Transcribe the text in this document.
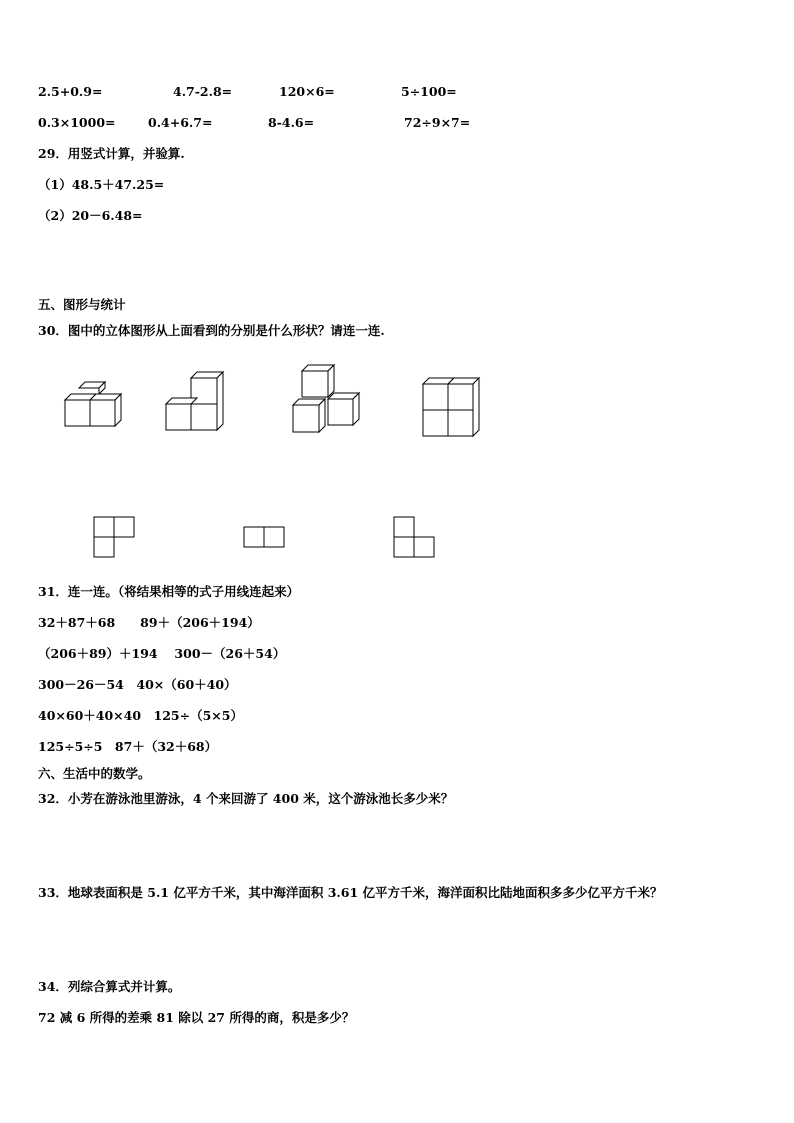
2.5+0.9=	4.7-2.8=	120×6=	5÷100=
0.3×1000=	0.4+6.7=	8-4.6=	72÷9×7=
29．用竖式计算，并验算.
（1）48.5＋47.25=
（2）20－6.48=
五、图形与统计
30．图中的立体图形从上面看到的分别是什么形状？请连一连.
31．连一连。（将结果相等的式子用线连起来）
32＋87＋68　　89＋（206＋194）
（206＋89）＋194　 300－（26＋54）
300－26－54　40×（60＋40）
40×60＋40×40　125÷（5×5）
125÷5÷5　87＋（32＋68）
六、生活中的数学。
32．小芳在游泳池里游泳，4 个来回游了 400 米，这个游泳池长多少米？
33．地球表面积是 5.1 亿平方千米，其中海洋面积 3.61 亿平方千米，海洋面积比陆地面积多多少亿平方千米？
34．列综合算式并计算。
72 减 6 所得的差乘 81 除以 27 所得的商，积是多少？
